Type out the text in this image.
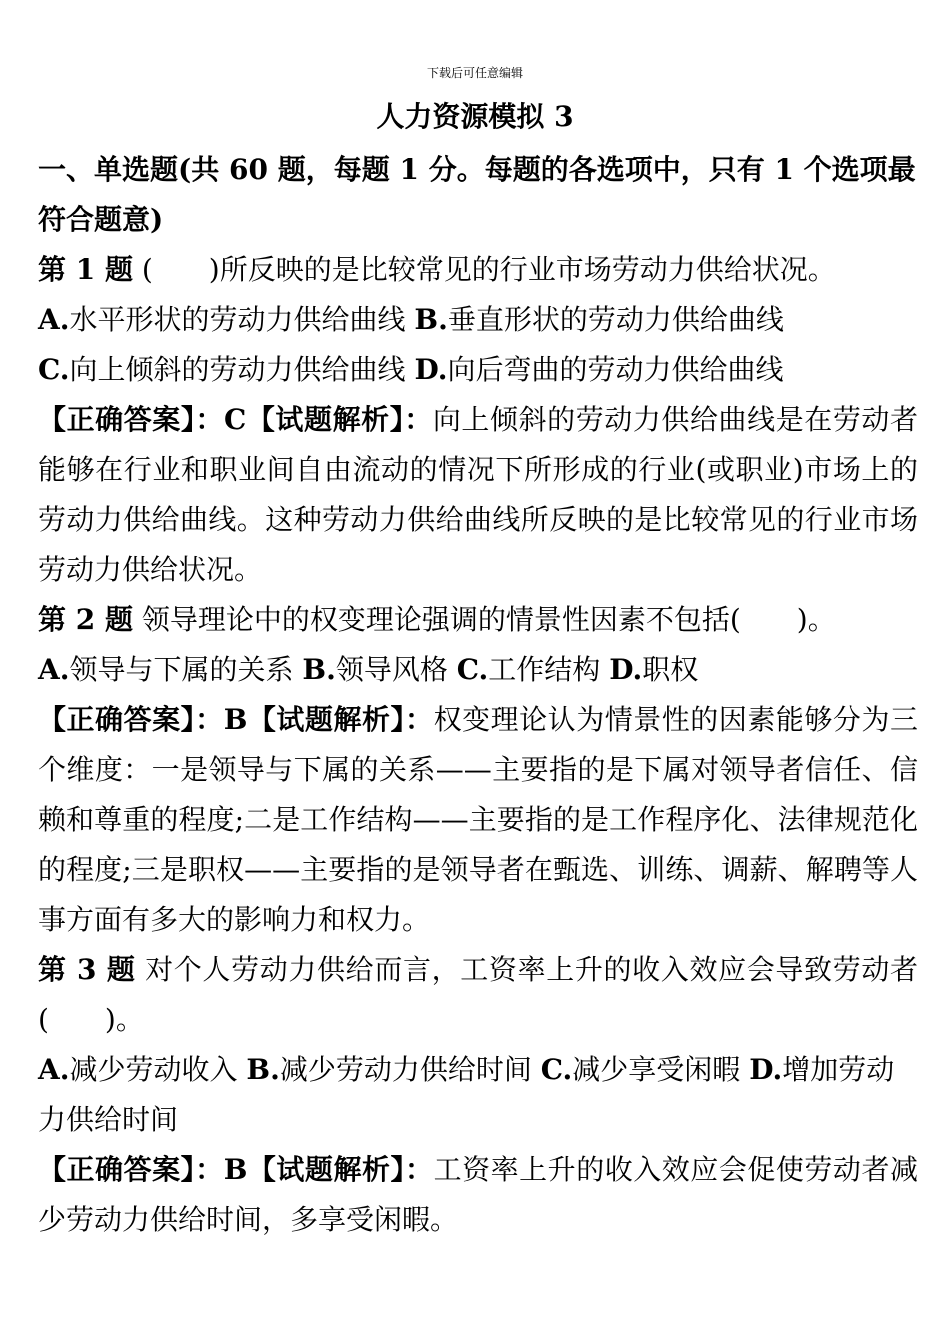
下载后可任意编辑
人力资源模拟 3

一、单选题(共 60 题，每题 1 分。每题的各选项中，只有 1 个选项最符合题意)

第 1 题 (　　)所反映的是比较常见的行业市场劳动力供给状况。

A.水平形状的劳动力供给曲线 B.垂直形状的劳动力供给曲线

C.向上倾斜的劳动力供给曲线 D.向后弯曲的劳动力供给曲线

【正确答案】：C【试题解析】：向上倾斜的劳动力供给曲线是在劳动者能够在行业和职业间自由流动的情况下所形成的行业(或职业)市场上的劳动力供给曲线。这种劳动力供给曲线所反映的是比较常见的行业市场劳动力供给状况。

第 2 题 领导理论中的权变理论强调的情景性因素不包括(　　)。

A.领导与下属的关系 B.领导风格 C.工作结构 D.职权

【正确答案】：B【试题解析】：权变理论认为情景性的因素能够分为三个维度：一是领导与下属的关系——主要指的是下属对领导者信任、信赖和尊重的程度;二是工作结构——主要指的是工作程序化、法律规范化的程度;三是职权——主要指的是领导者在甄选、训练、调薪、解聘等人事方面有多大的影响力和权力。

第 3 题 对个人劳动力供给而言，工资率上升的收入效应会导致劳动者(　　)。

A.减少劳动收入 B.减少劳动力供给时间 C.减少享受闲暇 D.增加劳动力供给时间

【正确答案】：B【试题解析】：工资率上升的收入效应会促使劳动者减少劳动力供给时间，多享受闲暇。
